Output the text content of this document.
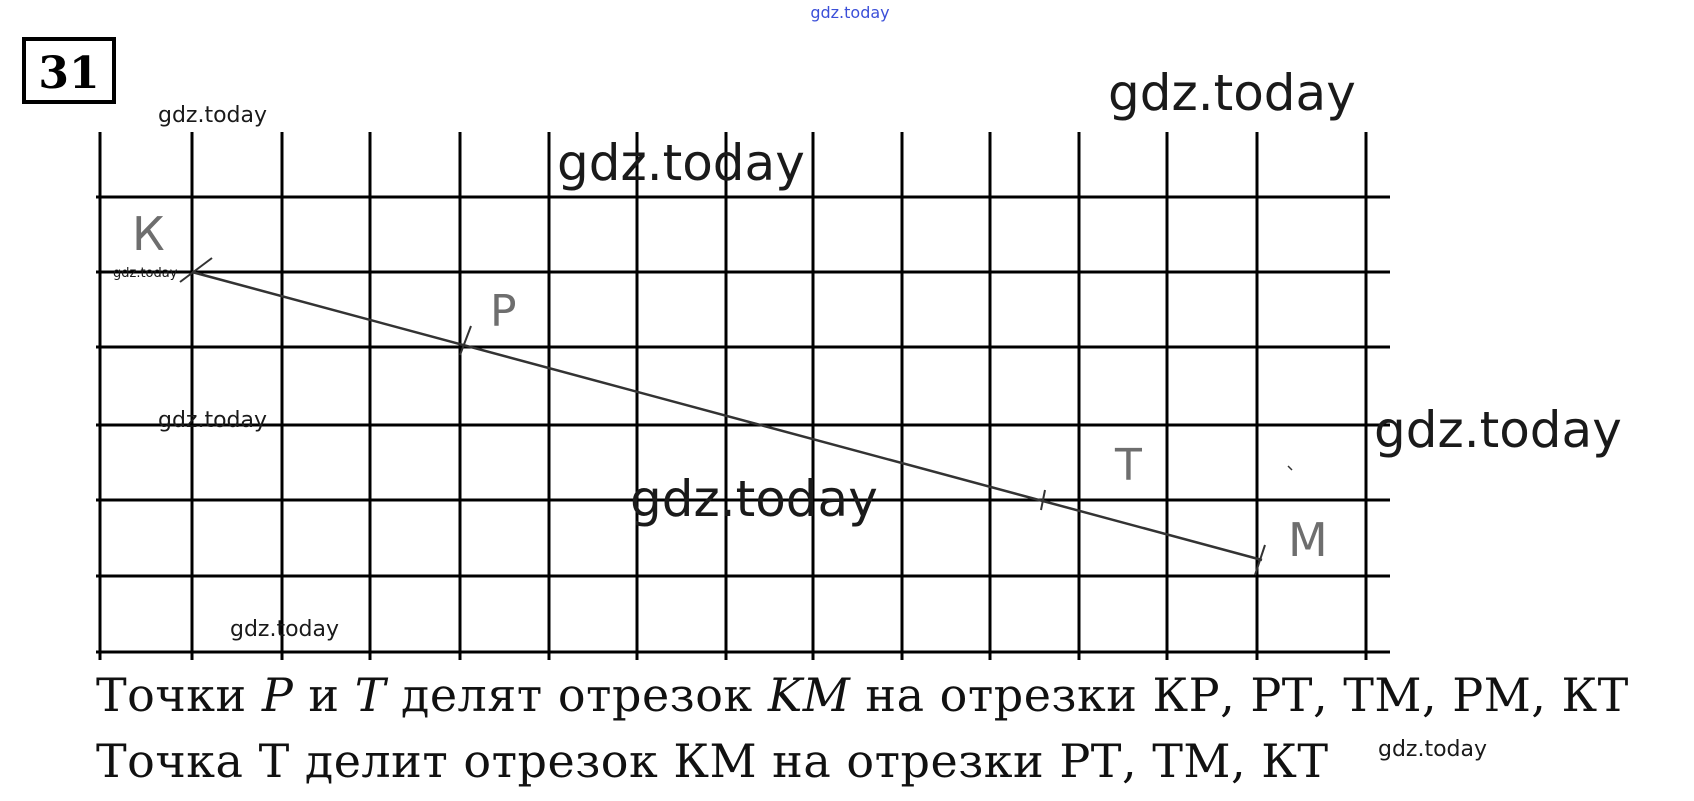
gdz.today
31
К
P
T
M
gdz.today
gdz.today
gdz.today
gdz.today
gdz.today
gdz.today
gdz.today
gdz.today
gdz.today
Точки P и T делят отрезок KM на отрезки КР, РТ, ТМ, РМ, КТ
Точка Т делит отрезок КМ на отрезки РТ, ТМ, КТ
